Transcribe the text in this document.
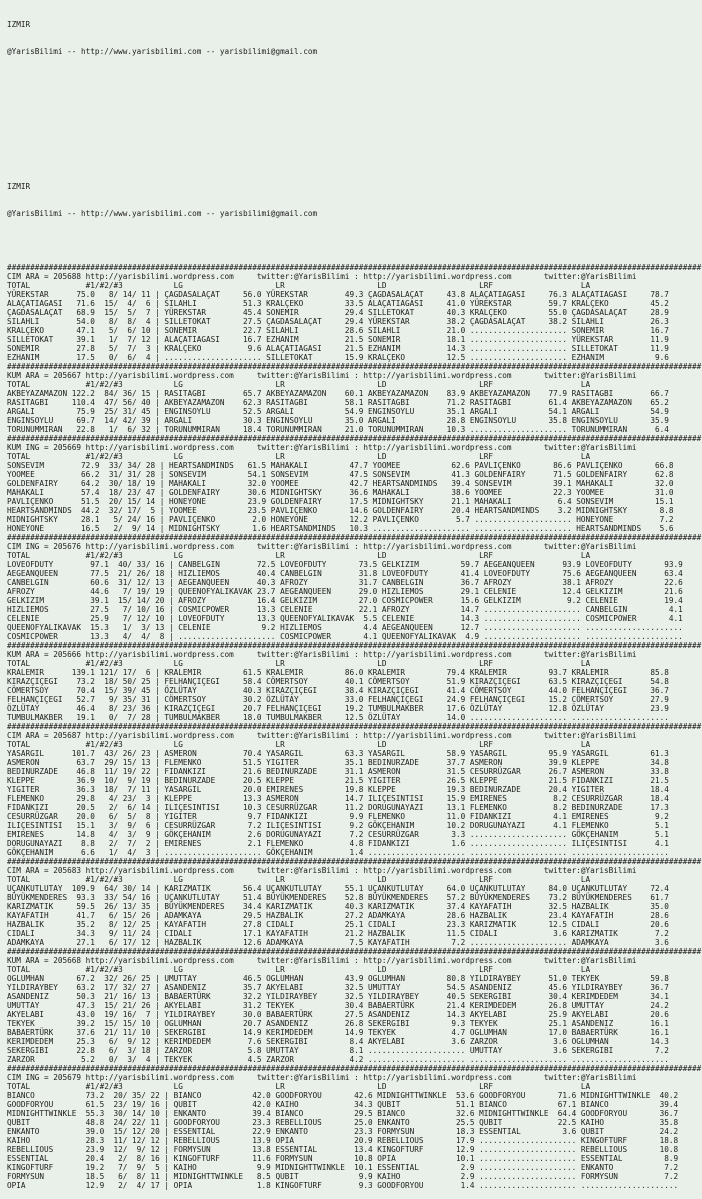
IZMIR

@YarisBilimi -- http://www.yarisbilimi.com -- yarisbilimi@gmail.com

IZMIR

@YarisBilimi -- http://www.yarisbilimi.com -- yarisbilimi@gmail.com

######################################################################################################################################################
CIM ARA = 205688 http://yarisbilimi.wordpress.com     twitter:@YarisBilimi : http://yarisbilimi.wordpress.com       twitter:@YarisBilimi
TOTAL            #1/#2/#3           LG                    LR                    LD                    LRF                   LA
YÜREKSTAR      75.0   8/ 14/ 11 | ÇAGDASALAÇAT     56.0 YÜREKSTAR        49.3 ÇAGDASALAÇAT     43.8 ALAÇATIAGASI     76.3 ALAÇATIAGASI     78.7
ALAÇATIAGASI   71.6  15/  4/  6 | SILAHLI          51.3 KRALÇEKO         33.5 ALAÇATIAGASI     41.0 YÜREKSTAR        59.7 KRALÇEKO         45.2
ÇAGDASALAÇAT   68.9  15/  5/  7 | YÜREKSTAR        45.4 SONEMIR          29.4 SILLETOKAT       40.3 KRALÇEKO         55.0 ÇAGDASALAÇAT     28.9
SILAHLI        54.0   8/  8/  4 | SILLETOKAT       27.5 ÇAGDASALAÇAT     29.4 YÜREKSTAR        38.2 ÇAGDASALAÇAT     38.2 SILAHLI          26.3
KRALÇEKO       47.1   5/  6/ 10 | SONEMIR          22.7 SILAHLI          28.6 SILAHLI          21.0 ..................... SONEMIR          16.7
SILLETOKAT     39.1   1/  7/ 12 | ALAÇATIAGASI     16.7 EZHANIM          21.5 SONEMIR          18.1 ..................... YÜREKSTAR        11.9
SONEMIR        27.8   5/  7/  3 | KRALÇEKO          9.6 ALAÇATIAGASI     21.5 EZHANIM          14.3 ..................... SILLETOKAT       11.9
EZHANIM        17.5   0/  6/  4 | ..................... SILLETOKAT       15.9 KRALÇEKO         12.5 ..................... EZHANIM           9.6
######################################################################################################################################################
KUM ARA = 205667 http://yarisbilimi.wordpress.com     twitter:@YarisBilimi : http://yarisbilimi.wordpress.com       twitter:@YarisBilimi
TOTAL            #1/#2/#3           LG                    LR                    LD                    LRF                   LA
AKBEYAZAMAZON 122.2  84/ 36/ 15 | RASITAGBI        65.7 AKBEYAZAMAZON    60.1 AKBEYAZAMAZON    83.9 AKBEYAZAMAZON    77.9 RASITAGBI        66.7
RASITAGBI     110.4  47/ 56/ 40 | AKBEYAZAMAZON    62.3 RASITAGBI        58.1 RASITAGBI        71.2 RASITAGBI        61.4 AKBEYAZAMAZON    65.2
ARGALI         75.9  25/ 31/ 45 | ENGINSOYLU       52.5 ARGALI           54.9 ENGINSOYLU       35.1 ARGALI           54.1 ARGALI           54.9
ENGINSOYLU     69.7  14/ 42/ 39 | ARGALI           30.3 ENGINSOYLU       35.0 ARGALI           28.8 ENGINSOYLU       35.8 ENGINSOYLU       35.9
TORUNUMMIRAN   22.8   1/  6/ 32 | TORUNUMMIRAN     18.4 TORUNUMMIRAN     21.0 TORUNUMMIRAN     10.3 ..................... TORUNUMMIRAN      6.4
######################################################################################################################################################
KUM ING = 205669 http://yarisbilimi.wordpress.com     twitter:@YarisBilimi : http://yarisbilimi.wordpress.com       twitter:@YarisBilimi
TOTAL            #1/#2/#3           LG                    LR                    LD                    LRF                   LA
SONSEVIM        72.9  33/ 34/ 28 | HEARTSANDMINDS   61.5 MAHAKALI         47.7 YOOMEE           62.6 PAVLIÇENKO       86.6 PAVLIÇENKO       66.8
YOOMEE          66.2  31/ 31/ 28 | SONSEVIM         54.1 SONSEVIM         47.5 SONSEVIM         41.3 GOLDENFAIRY      71.5 GOLDENFAIRY      62.8
GOLDENFAIRY     64.2  30/ 18/ 19 | MAHAKALI         32.0 YOOMEE           42.7 HEARTSANDMINDS   39.4 SONSEVIM         39.1 MAHAKALI         32.0
MAHAKALI        57.4  18/ 23/ 47 | GOLDENFAIRY      30.6 MIDNIGHTSKY      36.6 MAHAKALI         38.6 YOOMEE           22.3 YOOMEE           31.0
PAVLIÇENKO      51.5  20/ 15/ 14 | HONEYONE         23.9 GOLDENFAIRY      17.5 MIDNIGHTSKY      21.1 MAHAKALI          6.4 SONSEVIM         15.1
HEARTSANDMINDS  44.2  32/ 17/  5 | YOOMEE           23.5 PAVLIÇENKO       14.6 GOLDENFAIRY      20.4 HEARTSANDMINDS    3.2 MIDNIGHTSKY       8.8
MIDNIGHTSKY     28.1   5/ 24/ 16 | PAVLIÇENKO        2.0 HONEYONE         12.2 PAVLIÇENKO        5.7 ..................... HONEYONE          7.2
HONEYONE        16.5   2/  9/ 14 | MIDNIGHTSKY       1.6 HEARTSANDMINDS   10.3 ..................... ..................... HEARTSANDMINDS    5.6
######################################################################################################################################################
CIM ING = 205676 http://yarisbilimi.wordpress.com     twitter:@YarisBilimi : http://yarisbilimi.wordpress.com       twitter:@YarisBilimi
TOTAL            #1/#2/#3           LG                    LR                    LD                    LRF                   LA
LOVEOFDUTY        97.1  40/ 33/ 16 | CANBELGIN        72.5 LOVEOFDUTY       73.5 GELKIZIM         59.7 AEGEANQUEEN      93.9 LOVEOFDUTY       93.9
AEGEANQUEEN       77.5  21/ 26/ 18 | HIZLIEMOS        40.4 CANBELGIN        31.8 LOVEOFDUTY       41.4 LOVEOFDUTY       75.6 AEGEANQUEEN      63.4
CANBELGIN         60.6  31/ 12/ 13 | AEGEANQUEEN      40.3 AFROZY           31.7 CANBELGIN        36.7 AFROZY           38.1 AFROZY           22.6
AFROZY            44.6   7/ 19/ 19 | QUEENOFYALIKAVAK 23.7 AEGEANQUEEN      29.0 HIZLIEMOS        29.1 CELENIE          12.4 GELKIZIM         21.6
GELKIZIM          39.1  15/ 14/ 20 | AFROZY           16.4 GELKIZIM         27.0 COSMICPOWER      15.6 GELKIZIM          9.2 CELENIE          19.4
HIZLIEMOS         27.5   7/ 10/ 16 | COSMICPOWER      13.3 CELENIE          22.1 AFROZY           14.7 ..................... CANBELGIN         4.1
CELENIE           25.9   7/ 12/ 10 | LOVEOFDUTY       13.3 QUEENOFYALIKAVAK  5.5 CELENIE          14.3 ..................... COSMICPOWER       4.1
QUEENOFYALIKAVAK  15.3   1/  3/ 13 | CELENIE           9.2 HIZLIEMOS         4.4 AEGEANQUEEN      12.7 ..................... .....................
COSMICPOWER       13.3   4/  4/  8 | ..................... COSMICPOWER       4.1 QUEENOFYALIKAVAK  4.9 ..................... .....................
######################################################################################################################################################
KUM ARA = 205666 http://yarisbilimi.wordpress.com     twitter:@YarisBilimi : http://yarisbilimi.wordpress.com       twitter:@YarisBilimi
TOTAL            #1/#2/#3           LG                    LR                    LD                    LRF                   LA
KRALEMIR      139.1 121/ 17/  6 | KRALEMIR         61.5 KRALEMIR         86.0 KRALEMIR         79.4 KRALEMIR         93.7 KRALEMIR         85.8
KIRAZÇIÇEGI    73.2  18/ 50/ 25 | FELHANÇIÇEGI     58.4 CÖMERTSOY        40.1 CÖMERTSOY        51.9 KIRAZÇIÇEGI      63.5 KIRAZÇIÇEGI      54.8
CÖMERTSOY      70.4  15/ 39/ 45 | ÖZLÜTAY          40.3 KIRAZÇIÇEGI      38.4 KIRAZÇIÇEGI      41.4 CÖMERTSOY        44.0 FELHANÇIÇEGI     36.7
FELHANÇIÇEGI   52.7   9/ 35/ 31 | CÖMERTSOY        30.2 ÖZLÜTAY          33.0 FELHANÇIÇEGI     24.9 FELHANÇIÇEGI     15.2 CÖMERTSOY        27.9
ÖZLÜTAY        46.4   8/ 23/ 36 | KIRAZÇIÇEGI      20.7 FELHANÇIÇEGI     19.2 TUMBULMAKBER     17.6 ÖZLÜTAY          12.8 ÖZLÜTAY          23.9
TUMBULMAKBER   19.1   0/  7/ 28 | TUMBULMAKBER     18.0 TUMBULMAKBER     12.5 ÖZLÜTAY          14.0 ..................... .....................
######################################################################################################################################################
CIM ARA = 205687 http://yarisbilimi.wordpress.com     twitter:@YarisBilimi : http://yarisbilimi.wordpress.com       twitter:@YarisBilimi
TOTAL            #1/#2/#3           LG                    LR                    LD                    LRF                   LA
YASARGIL      101.7  43/ 26/ 23 | ASMERON          70.4 YASARGIL         63.3 YASARGIL         58.9 YASARGIL         95.9 YASARGIL         61.3
ASMERON        63.7  29/ 15/ 13 | FLEMENKO         51.5 YIGITER          35.1 BEDINURZADE      37.7 ASMERON          39.9 KLEPPE           34.8
BEDINURZADE    46.8  11/ 19/ 22 | FIDANKIZI        21.6 BEDINURZADE      31.1 ASMERON          31.5 CESURRÜZGAR      26.7 ASMERON          33.8
KLEPPE         36.9  10/  9/ 19 | BEDINURZADE      20.5 KLEPPE           21.5 YIGITER          26.5 KLEPPE           21.5 FIDANKIZI        21.5
YIGITER        36.3  18/  7/ 11 | YASARGIL         20.0 EMIRENES         19.8 KLEPPE           19.3 BEDINURZADE      20.4 YIGITER          18.4
FLEMENKO       29.8   4/ 23/  3 | KLEPPE           13.3 ASMERON          14.7 ILIÇESINTISI     15.9 EMIRENES          8.2 CESURRÜZGAR      18.4
FIDANKIZI      20.5   2/  6/ 14 | ILIÇESINTISI     10.3 CESURRÜZGAR      11.2 DORUGUNAYAZI     13.1 FLEMENKO          8.2 BEDINURZADE      17.3
CESURRÜZGAR    20.0   6/  5/  8 | YIGITER           9.7 FIDANKIZI         9.9 FLEMENKO         11.0 FIDANKIZI         4.1 EMIRENES          9.2
ILIÇESINTISI   15.1   3/  9/  6 | CESURRÜZGAR       7.2 ILIÇESINTISI      9.2 GÖKÇEHANIM       10.2 DORUGUNAYAZI      4.1 FLEMENKO          5.1
EMIRENES       14.8   4/  3/  9 | GÖKÇEHANIM        2.6 DORUGUNAYAZI      7.2 CESURRÜZGAR       3.3 ..................... GÖKÇEHANIM        5.1
DORUGUNAYAZI    8.8   2/  7/  2 | EMIRENES          2.1 FLEMENKO          4.8 FIDANKIZI         1.6 ..................... ILIÇESINTISI      4.1
GÖKÇEHANIM      6.6   1/  4/  3 | ..................... GÖKÇEHANIM        1.4 ..................... ..................... .....................
######################################################################################################################################################
CIM ARA = 205683 http://yarisbilimi.wordpress.com     twitter:@YarisBilimi : http://yarisbilimi.wordpress.com       twitter:@YarisBilimi
TOTAL            #1/#2/#3           LG                    LR                    LD                    LRF                   LA
UÇANKUTLUTAY  109.9  64/ 30/ 14 | KARIZMATIK       56.4 UÇANKUTLUTAY     55.1 UÇANKUTLUTAY     64.0 UÇANKUTLUTAY     84.0 UÇANKUTLUTAY     72.4
BÜYÜKMENDERES  93.3  33/ 54/ 16 | UÇANKUTLUTAY     51.4 BÜYÜKMENDERES    52.8 BÜYÜKMENDERES    57.2 BÜYÜKMENDERES    73.2 BÜYÜKMENDERES    61.7
KARIZMATIK     59.5  26/ 13/ 35 | BÜYÜKMENDERES    34.4 KARIZMATIK       40.3 KARIZMATIK       37.4 KAYAFATIH        32.5 HAZBALIK         35.0
KAYAFATIH      41.7   6/ 15/ 26 | ADAMKAYA         29.5 HAZBALIK         27.2 ADAMKAYA         28.6 HAZBALIK         23.4 KAYAFATIH        28.6
HAZBALIK       35.2   8/ 12/ 25 | KAYAFATIH        27.8 CIDALI           25.1 CIDALI           23.3 KARIZMATIK       12.5 CIDALI           20.6
CIDALI         34.3   9/ 11/ 24 | CIDALI           17.1 KAYAFATIH        21.2 HAZBALIK         11.5 CIDALI            3.6 KARIZMATIK        7.2
ADAMKAYA       27.1   6/ 17/ 12 | HAZBALIK         12.6 ADAMKAYA          7.5 KAYAFATIH         7.2 ..................... ADAMKAYA          3.6
######################################################################################################################################################
KUM ARA = 205668 http://yarisbilimi.wordpress.com     twitter:@YarisBilimi : http://yarisbilimi.wordpress.com       twitter:@YarisBilimi
TOTAL            #1/#2/#3           LG                    LR                    LD                    LRF                   LA
OGLUMHAN       67.2  32/ 26/ 25 | UMUTTAY          46.5 OGLUMHAN         43.9 OGLUMHAN         80.8 YILDIRAYBEY      51.0 TEKYEK           59.8
YILDIRAYBEY    63.2  17/ 32/ 27 | ASANDENIZ        35.7 AKYELABI         32.5 UMUTTAY          54.5 ASANDENIZ        45.6 YILDIRAYBEY      36.7
ASANDENIZ      50.3  21/ 16/ 13 | BABAERTÜRK       32.2 YILDIRAYBEY      32.5 YILDIRAYBEY      40.5 SEKERGIBI        30.4 KERIMDEDEM       34.1
UMUTTAY        47.3  15/ 21/ 26 | AKYELABI         31.2 TEKYEK           30.4 BABAERTÜRK       21.4 KERIMDEDEM       26.8 UMUTTAY          24.2
AKYELABI       43.0  19/ 16/  7 | YILDIRAYBEY      30.0 BABAERTÜRK       27.5 ASANDENIZ        14.3 AKYELABI         25.9 AKYELABI         20.6
TEKYEK         39.2  15/ 15/ 10 | OGLUMHAN         20.7 ASANDENIZ        26.8 SEKERGIBI         9.3 TEKYEK           25.1 ASANDENIZ        16.1
BABAERTÜRK     37.6  21/ 11/ 10 | SEKERGIBI        14.9 KERIMDEDEM       14.9 TEKYEK            4.7 OGLUMHAN         17.0 BABAERTÜRK       16.1
KERIMDEDEM     25.3   6/  9/ 12 | KERIMDEDEM        7.6 SEKERGIBI         8.4 AKYELABI          3.6 ZARZOR            3.6 OGLUMHAN         14.3
SEKERGIBI      22.8   6/  3/ 18 | ZARZOR            5.8 UMUTTAY           8.1 ..................... UMUTTAY           3.6 SEKERGIBI         7.2
ZARZOR          5.2   0/  3/  4 | TEKYEK            4.5 ZARZOR            4.2 ..................... ..................... .....................
######################################################################################################################################################
CIM ING = 205679 http://yarisbilimi.wordpress.com     twitter:@YarisBilimi : http://yarisbilimi.wordpress.com       twitter:@YarisBilimi
TOTAL            #1/#2/#3           LG                    LR                    LD                    LRF                   LA
BIANCO           73.2  20/ 35/ 22 | BIANCO           42.0 GOODFORYOU       42.6 MIDNIGHTTWINKLE  53.6 GOODFORYOU       71.6 MIDNIGHTTWINKLE  40.2
GOODFORYOU       61.5  23/ 19/ 16 | QUBIT            42.0 KAIHO            34.3 QUBIT            51.1 BIANCO           67.1 BIANCO           39.4
MIDNIGHTTWINKLE  55.3  30/ 14/ 10 | ENKANTO          39.4 BIANCO           29.5 BIANCO           32.6 MIDNIGHTTWINKLE  64.4 GOODFORYOU       36.7
QUBIT            48.8  24/ 22/ 11 | GOODFORYOU       23.3 REBELLIOUS       25.0 ENKANTO          25.5 QUBIT            22.5 KAIHO            35.8
ENKANTO          39.0  15/ 12/ 20 | ESSENTIAL        22.9 ENKANTO          23.3 FORMYSUN         18.3 ESSENTIAL         3.6 QUBIT            24.2
KAIHO            28.3  11/ 12/ 12 | REBELLIOUS       13.9 OPIA             20.9 REBELLIOUS       17.9 ..................... KINGOFTURF       18.8
REBELLIOUS       23.9  12/  9/ 12 | FORMYSUN         13.8 ESSENTIAL        13.4 KINGOFTURF       12.9 ..................... REBELLIOUS       10.8
ESSENTIAL        20.4   2/  8/ 16 | KINGOFTURF       11.6 FORMYSUN         10.8 OPIA             10.1 ..................... ESSENTIAL         8.9
KINGOFTURF       19.2   7/  9/  5 | KAIHO             9.9 MIDNIGHTTWINKLE  10.1 ESSENTIAL         2.9 ..................... ENKANTO           7.2
FORMYSUN         18.5   6/  8/ 11 | MIDNIGHTTWINKLE   8.5 QUBIT             9.9 KAIHO             2.9 ..................... FORMYSUN          7.2
OPIA             12.9   2/  4/ 17 | OPIA              1.8 KINGOFTURF        9.3 GOODFORYOU        1.4 ..................... .....................
